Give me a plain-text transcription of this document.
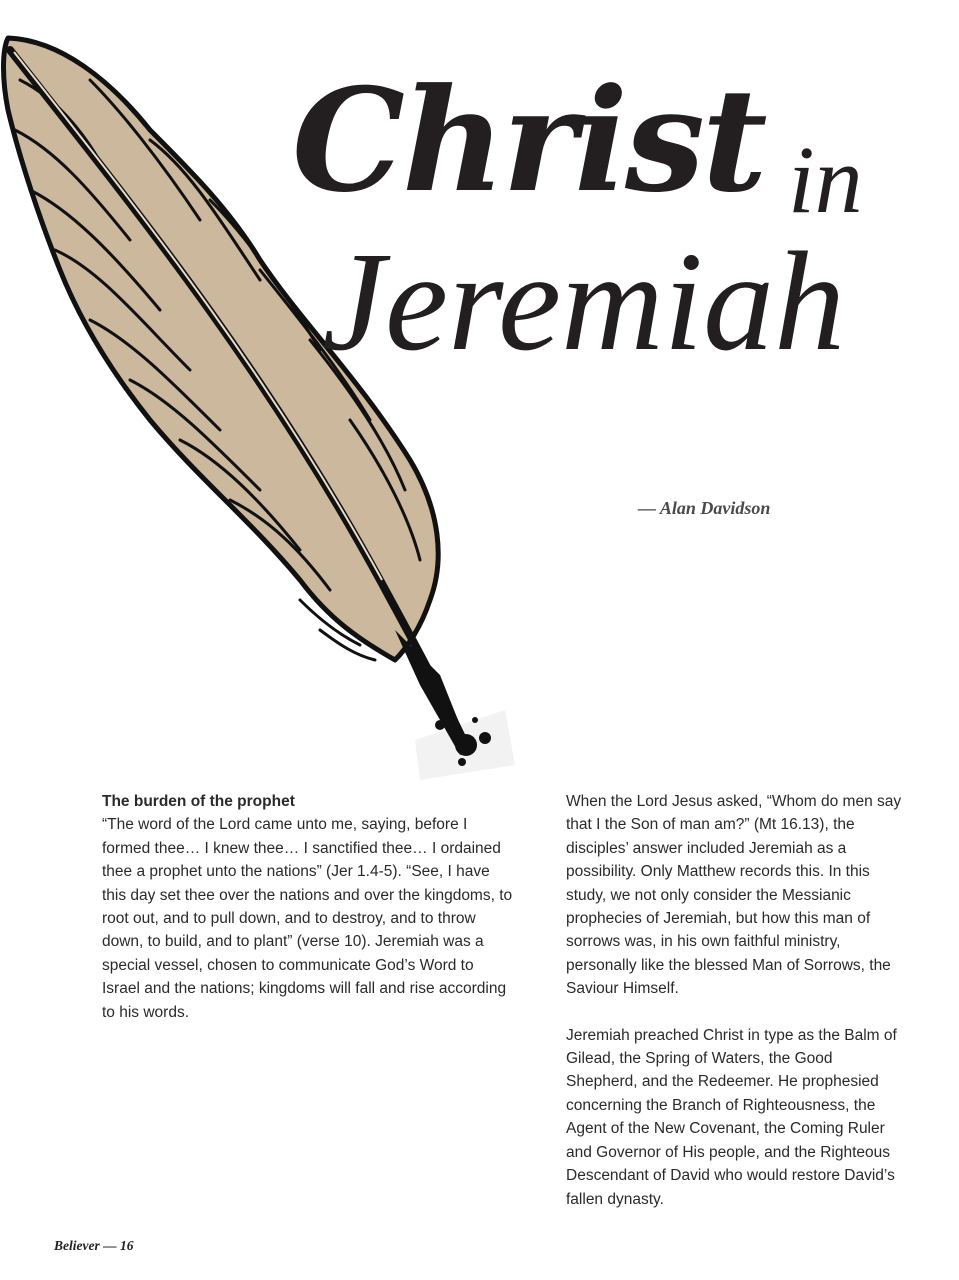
Christ in
Jeremiah
— Alan Davidson

The burden of the prophet
“The word of the Lord came unto me, saying, before I formed thee… I knew thee… I sanctified thee… I ordained thee a prophet unto the nations” (Jer 1.4-5). “See, I have this day set thee over the nations and over the kingdoms, to root out, and to pull down, and to destroy, and to throw down, to build, and to plant” (verse 10). Jeremiah was a special vessel, chosen to communicate God’s Word to Israel and the nations; kingdoms will fall and rise according to his words.

When the Lord Jesus asked, “Whom do men say that I the Son of man am?” (Mt 16.13), the disciples’ answer included Jeremiah as a possibility. Only Matthew records this. In this study, we not only consider the Messianic prophecies of Jeremiah, but how this man of sorrows was, in his own faithful ministry, personally like the blessed Man of Sorrows, the Saviour Himself.

Jeremiah preached Christ in type as the Balm of Gilead, the Spring of Waters, the Good Shepherd, and the Redeemer. He prophesied concerning the Branch of Righteousness, the Agent of the New Covenant, the Coming Ruler and Governor of His people, and the Righteous Descendant of David who would restore David’s fallen dynasty.

Believer — 16
